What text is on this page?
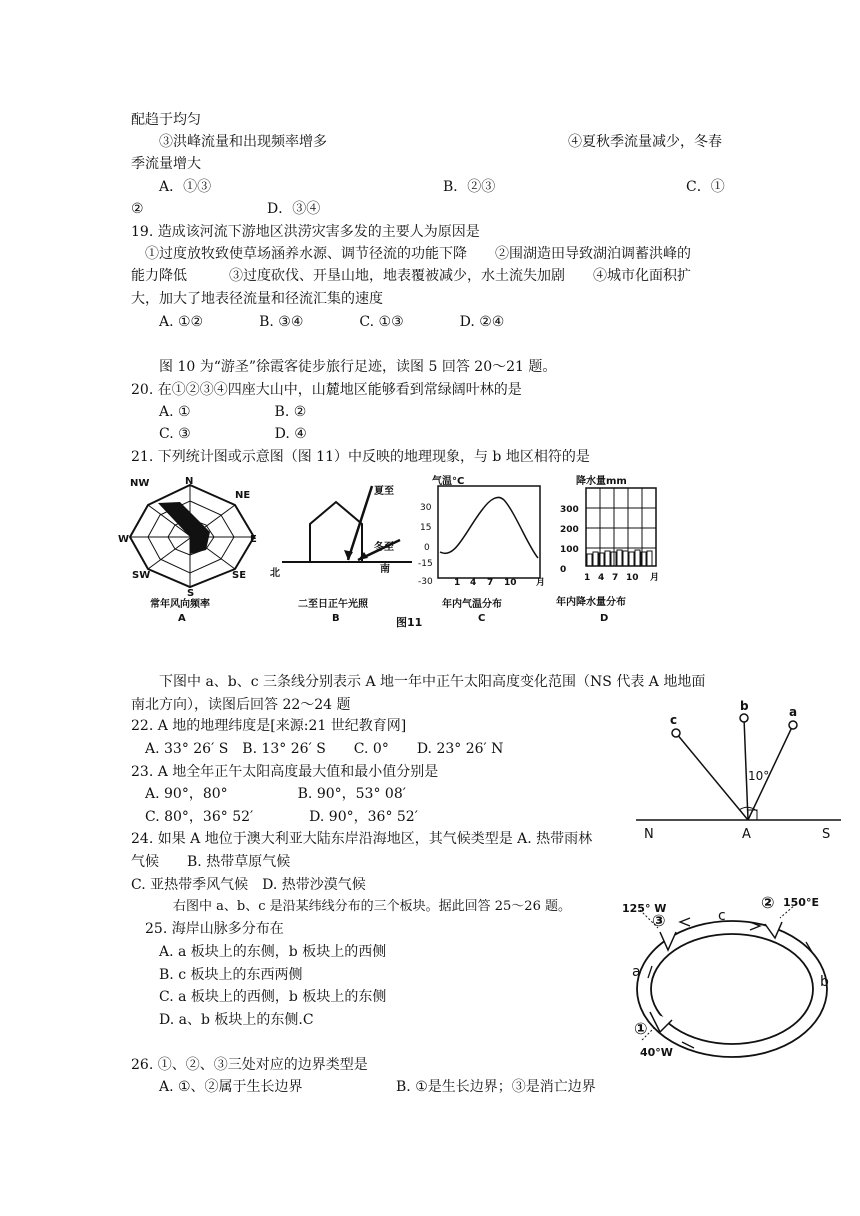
配趋于均匀
③洪峰流量和出现频率增多	④夏秋季流量减少，冬春
季流量增大
A．①③	B．②③	C．①
②	D．③④
19. 造成该河流下游地区洪涝灾害多发的主要人为原因是
①过度放牧致使草场涵养水源、调节径流的功能下降　　②围湖造田导致湖泊调蓄洪峰的
能力降低　　　③过度砍伐、开垦山地，地表覆被减少，水土流失加剧　　④城市化面积扩
大，加大了地表径流量和径流汇集的速度
A. ①②　　　　B. ③④　　　　C. ①③　　　　D. ②④
图 10 为“游圣”徐霞客徒步旅行足迹，读图 5 回答 20～21 题。
20. 在①②③④四座大山中，山麓地区能够看到常绿阔叶林的是
A. ①　　　　　　B. ②
C. ③　　　　　　D. ④
21. 下列统计图或示意图（图 11）中反映的地理现象，与 b 地区相符的是
NW	N
NE
E
SE
S
SW
W
常年风向频率
A
夏至
冬至
北	南
二至日正午光照
B
气温°C
30
15
0
-15
-30 1 4 7 10 月
年内气温分布
C
降水量mm
300
200
100
0
1 4 7 10 月
年内降水量分布
D
图11
下图中 a、b、c 三条线分别表示 A 地一年中正午太阳高度变化范围（NS 代表 A 地地面
南北方向），读图后回答 22～24 题
22. A 地的地理纬度是[来源:21 世纪教育网]
A. 33° 26′ S　B. 13° 26′ S　　C. 0°　　D. 23° 26′ N
23. A 地全年正午太阳高度最大值和最小值分别是
A. 90°，80°　　　　　B. 90°，53° 08′
C. 80°，36° 52′　　　　D. 90°，36° 52′
24. 如果 A 地位于澳大利亚大陆东岸沿海地区，其气候类型是 A. 热带雨林
气候　　B. 热带草原气候
C. 亚热带季风气候　D. 热带沙漠气候
c
b	a
10°
N	A	S
右图中 a、b、c 是沿某纬线分布的三个板块。据此回答 25～26 题。
25. 海岸山脉多分布在
A. a 板块上的东侧，b 板块上的西侧
B. c 板块上的东西两侧
C. a 板块上的西侧，b 板块上的东侧
D. a、b 板块上的东侧.C
26. ①、②、③三处对应的边界类型是
A. ①、②属于生长边界	B. ①是生长边界；③是消亡边界
125° W	150°E
40°W
③
②
①
c
a
b
